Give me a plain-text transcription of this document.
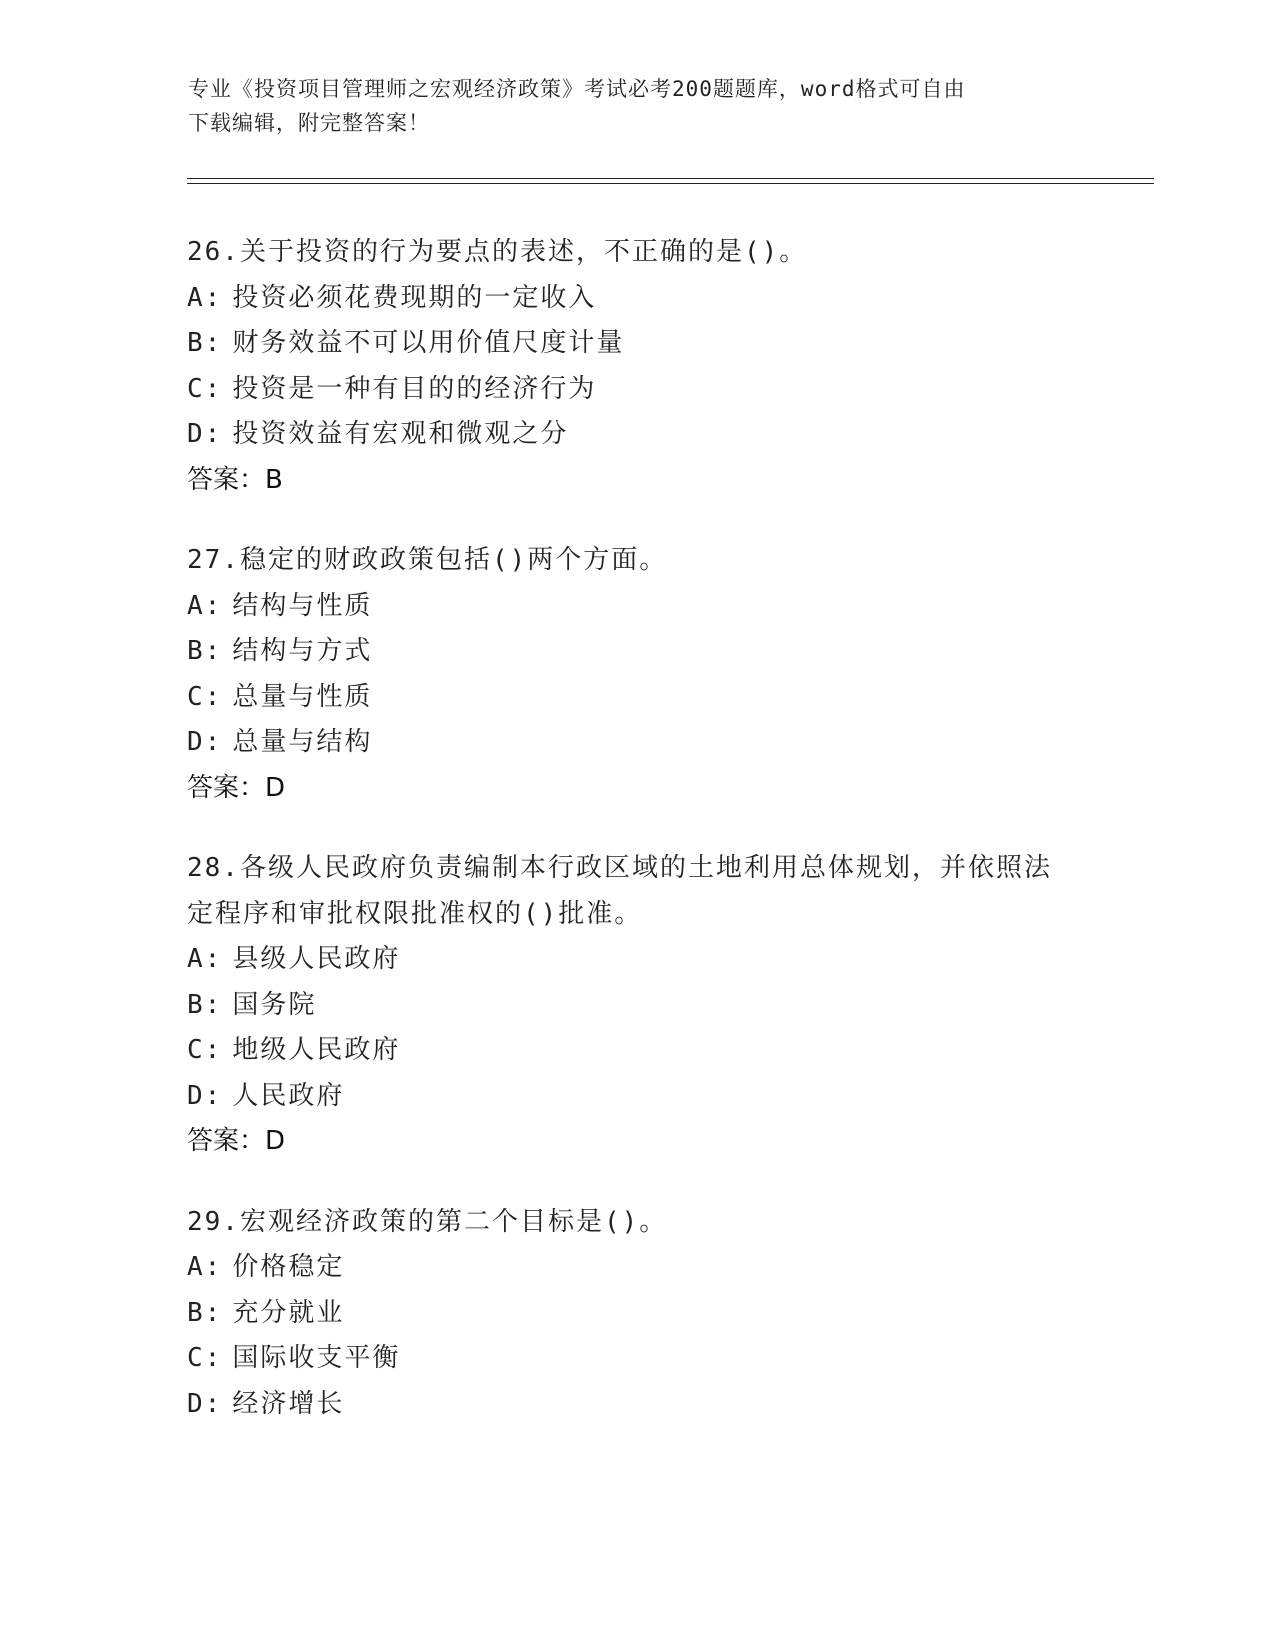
专业《投资项目管理师之宏观经济政策》考试必考200题题库，word格式可自由
下载编辑，附完整答案！
26.关于投资的行为要点的表述，不正确的是()。
A: 投资必须花费现期的一定收入
B: 财务效益不可以用价值尺度计量
C: 投资是一种有目的的经济行为
D: 投资效益有宏观和微观之分
答案：B
27.稳定的财政政策包括()两个方面。
A: 结构与性质
B: 结构与方式
C: 总量与性质
D: 总量与结构
答案：D
28.各级人民政府负责编制本行政区域的土地利用总体规划，并依照法
定程序和审批权限批准权的()批准。
A: 县级人民政府
B: 国务院
C: 地级人民政府
D: 人民政府
答案：D
29.宏观经济政策的第二个目标是()。
A: 价格稳定
B: 充分就业
C: 国际收支平衡
D: 经济增长
